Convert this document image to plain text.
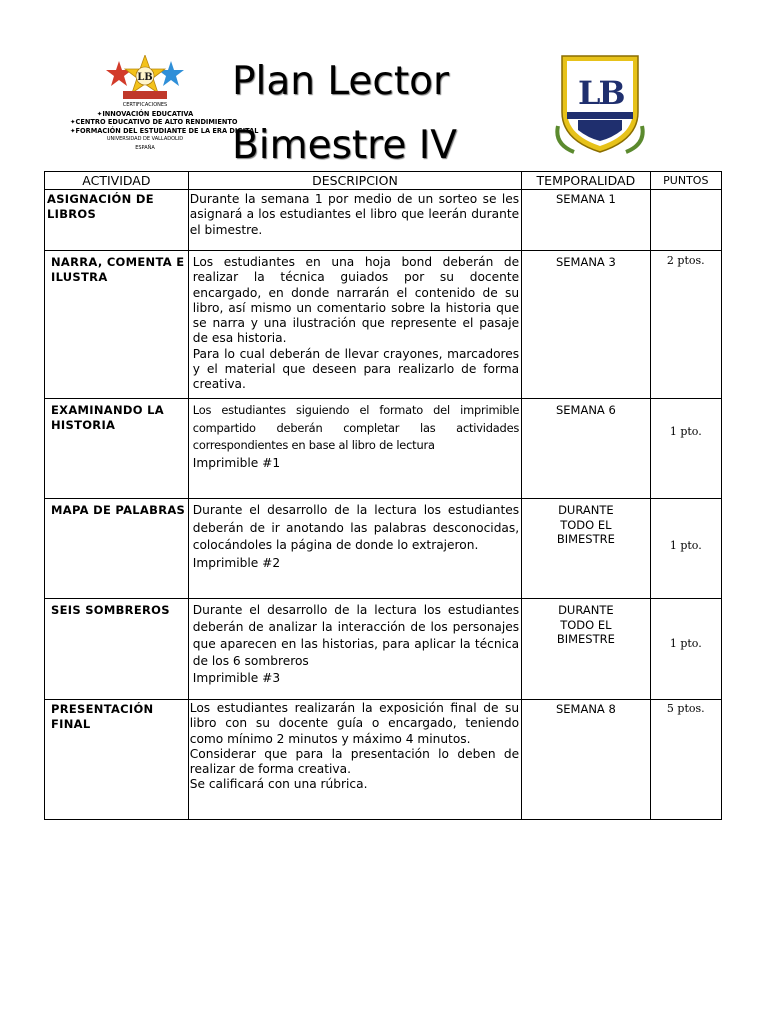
LB
CERTIFICACIONES
✦INNOVACIÓN EDUCATIVA
✦CENTRO EDUCATIVO DE ALTO RENDIMIENTO
✦FORMACIÓN DEL ESTUDIANTE DE LA ERA DIGITAL
UNIVERSIDAD DE VALLADOLID
ESPAÑA
Plan Lector
Bimestre IV
LB
ACTIVIDAD	DESCRIPCION	TEMPORALIDAD	PUNTOS
ASIGNACIÓN DE LIBROS	Durante la semana 1 por medio de un sorteo se les asignará a los estudiantes el libro que leerán durante el bimestre.	SEMANA 1	
NARRA, COMENTA E ILUSTRA	Los estudiantes en una hoja bond deberán de realizar la técnica guiados por su docente encargado, en donde narrarán el contenido de su libro, así mismo un comentario sobre la historia que se narra y una ilustración que represente el pasaje de esa historia.

Para lo cual deberán de llevar crayones, marcadores y el material que deseen para realizarlo de forma creativa.	SEMANA 3	2 ptos.
EXAMINANDO LA HISTORIA	Los estudiantes siguiendo el formato del imprimible compartido deberán completar las actividades correspondientes en base al libro de lectura

Imprimible #1	SEMANA 6	1 pto.

MAPA DE PALABRAS	Durante el desarrollo de la lectura los estudiantes deberán de ir anotando las palabras desconocidas, colocándoles la página de donde lo extrajeron.

Imprimible #2	DURANTE TODO EL BIMESTRE	1 pto.

SEIS SOMBREROS	Durante el desarrollo de la lectura los estudiantes deberán de analizar la interacción de los personajes que aparecen en las historias, para aplicar la técnica de los 6 sombreros

Imprimible #3	DURANTE TODO EL BIMESTRE	1 pto.

PRESENTACIÓN FINAL	Los estudiantes realizarán la exposición final de su libro con su docente guía o encargado, teniendo como mínimo 2 minutos y máximo 4 minutos.

Considerar que para la presentación lo deben de realizar de forma creativa.

Se calificará con una rúbrica.	SEMANA 8	5 ptos.
